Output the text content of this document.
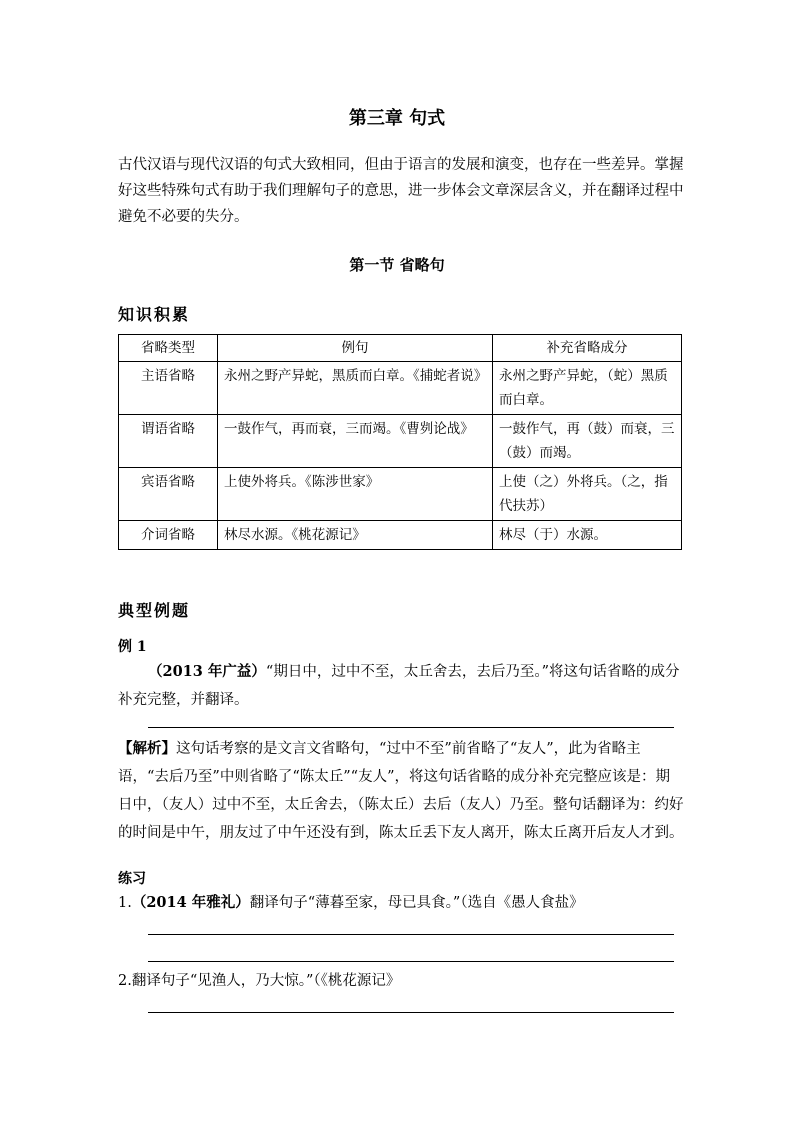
第三章 句式

古代汉语与现代汉语的句式大致相同，但由于语言的发展和演变，也存在一些差异。掌握好这些特殊句式有助于我们理解句子的意思，进一步体会文章深层含义，并在翻译过程中避免不必要的失分。

第一节 省略句
知识积累
省略类型	例句	补充省略成分
主语省略	永州之野产异蛇，黑质而白章。《捕蛇者说》	永州之野产异蛇，（蛇）黑质而白章。
谓语省略	一鼓作气，再而衰，三而竭。《曹刿论战》	一鼓作气，再（鼓）而衰，三（鼓）而竭。
宾语省略	上使外将兵。《陈涉世家》	上使（之）外将兵。（之，指代扶苏）
介词省略	林尽水源。《桃花源记》	林尽（于）水源。
典型例题
例 1

（2013 年广益）“期日中，过中不至，太丘舍去，去后乃至。”将这句话省略的成分补充完整，并翻译。

【解析】这句话考察的是文言文省略句，“过中不至”前省略了“友人”，此为省略主语，“去后乃至”中则省略了“陈太丘”“友人”，将这句话省略的成分补充完整应该是：期日中，（友人）过中不至，太丘舍去，（陈太丘）去后（友人）乃至。整句话翻译为：约好的时间是中午，朋友过了中午还没有到，陈太丘丢下友人离开，陈太丘离开后友人才到。

练习
1.（2014 年雅礼）翻译句子“薄暮至家，母已具食。”（选自《愚人食盐》
2.翻译句子“见渔人，乃大惊。”（《桃花源记》
